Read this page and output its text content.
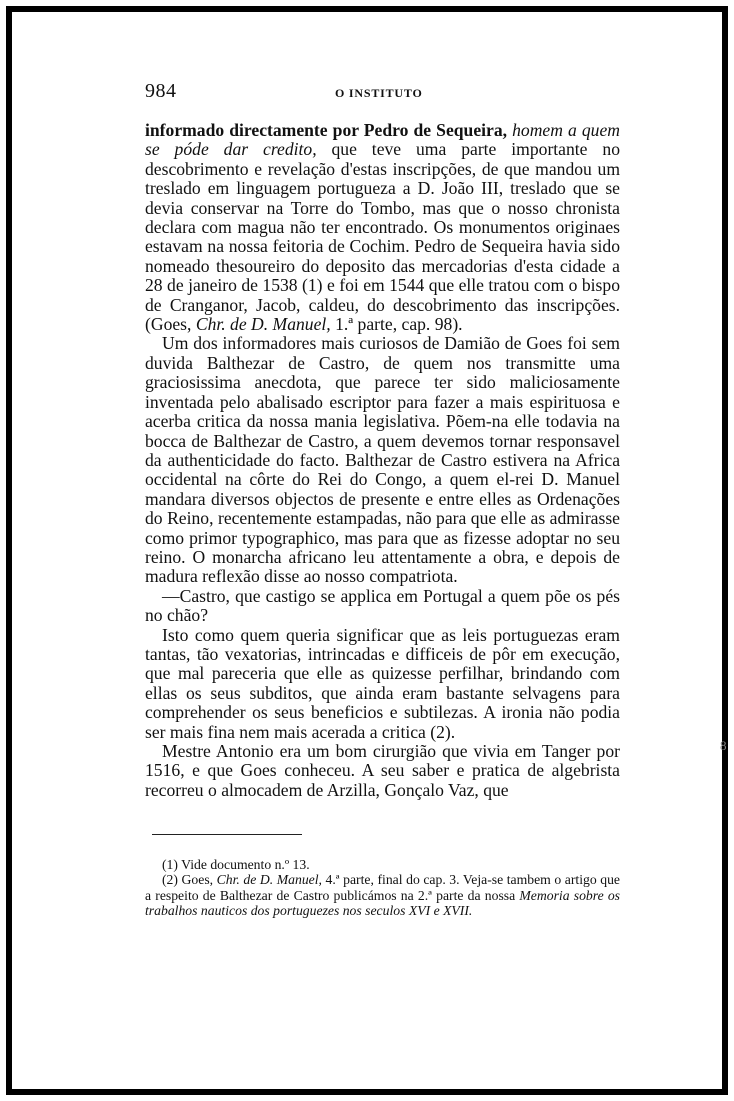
984	O INSTITUTO

informado directamente por Pedro de Sequeira, homem a quem se póde dar credito, que teve uma parte importante no descobrimento e revelação d'estas inscripções, de que mandou um treslado em linguagem portugueza a D. João III, treslado que se devia conservar na Torre do Tombo, mas que o nosso chronista declara com magua não ter encontrado. Os monumentos originaes estavam na nossa feitoria de Cochim. Pedro de Sequeira havia sido nomeado thesoureiro do deposito das mercadorias d'esta cidade a 28 de janeiro de 1538 (1) e foi em 1544 que elle tratou com o bispo de Cranganor, Jacob, caldeu, do descobrimento das inscripções. (Goes, Chr. de D. Manuel, 1.ª parte, cap. 98).

Um dos informadores mais curiosos de Damião de Goes foi sem duvida Balthezar de Castro, de quem nos transmitte uma graciosissima anecdota, que parece ter sido maliciosamente inventada pelo abalisado escriptor para fazer a mais espirituosa e acerba critica da nossa mania legislativa. Põem-na elle todavia na bocca de Balthezar de Castro, a quem devemos tornar responsavel da authenticidade do facto. Balthezar de Castro estivera na Africa occidental na côrte do Rei do Congo, a quem el-rei D. Manuel mandara diversos objectos de presente e entre elles as Ordenações do Reino, recentemente estampadas, não para que elle as admirasse como primor typographico, mas para que as fizesse adoptar no seu reino. O monarcha africano leu attentamente a obra, e depois de madura reflexão disse ao nosso compatriota.

—Castro, que castigo se applica em Portugal a quem põe os pés no chão?

Isto como quem queria significar que as leis portuguezas eram tantas, tão vexatorias, intrincadas e difficeis de pôr em execução, que mal pareceria que elle as quizesse perfilhar, brindando com ellas os seus subditos, que ainda eram bastante selvagens para comprehender os seus beneficios e subtilezas. A ironia não podia ser mais fina nem mais acerada a critica (2).

Mestre Antonio era um bom cirurgião que vivia em Tanger por 1516, e que Goes conheceu. A seu saber e pratica de algebrista recorreu o almocadem de Arzilla, Gonçalo Vaz, que

(1) Vide documento n.º 13.

(2) Goes, Chr. de D. Manuel, 4.ª parte, final do cap. 3. Veja-se tambem o artigo que a respeito de Balthezar de Castro publicámos na 2.ª parte da nossa Memoria sobre os trabalhos nauticos dos portuguezes nos seculos XVI e XVII.

8
